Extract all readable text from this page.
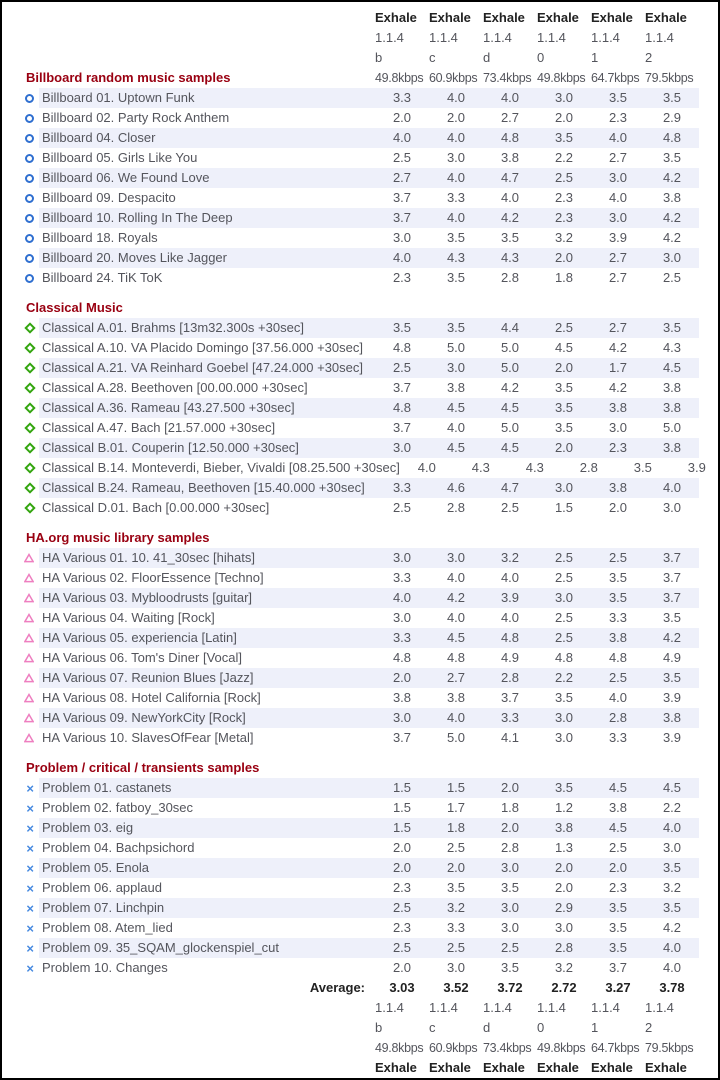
Exhale Exhale Exhale Exhale Exhale Exhale
1.1.4	1.1.4	1.1.4	1.1.4	1.1.4	1.1.4
b	c	d	0	1	2
Billboard random music samples	49.8kbps 60.9kbps 73.4kbps 49.8kbps 64.7kbps 79.5kbps
Billboard 01. Uptown Funk	3.3	4.0	4.0	3.0	3.5	3.5
Billboard 02. Party Rock Anthem	2.0	2.0	2.7	2.0	2.3	2.9
Billboard 04. Closer	4.0	4.0	4.8	3.5	4.0	4.8
Billboard 05. Girls Like You	2.5	3.0	3.8	2.2	2.7	3.5
Billboard 06. We Found Love	2.7	4.0	4.7	2.5	3.0	4.2
Billboard 09. Despacito	3.7	3.3	4.0	2.3	4.0	3.8
Billboard 10. Rolling In The Deep	3.7	4.0	4.2	2.3	3.0	4.2
Billboard 18. Royals	3.0	3.5	3.5	3.2	3.9	4.2
Billboard 20. Moves Like Jagger	4.0	4.3	4.3	2.0	2.7	3.0
Billboard 24. TiK ToK	2.3	3.5	2.8	1.8	2.7	2.5
Classical Music
Classical A.01. Brahms [13m32.300s +30sec]	3.5	3.5	4.4	2.5	2.7	3.5
Classical A.10. VA Placido Domingo [37.56.000 +30sec]	4.8	5.0	5.0	4.5	4.2	4.3
Classical A.21. VA Reinhard Goebel [47.24.000 +30sec]	2.5	3.0	5.0	2.0	1.7	4.5
Classical A.28. Beethoven [00.00.000 +30sec]	3.7	3.8	4.2	3.5	4.2	3.8
Classical A.36. Rameau [43.27.500 +30sec]	4.8	4.5	4.5	3.5	3.8	3.8
Classical A.47. Bach [21.57.000 +30sec]	3.7	4.0	5.0	3.5	3.0	5.0
Classical B.01. Couperin [12.50.000 +30sec]	3.0	4.5	4.5	2.0	2.3	3.8
Classical B.14. Monteverdi, Bieber, Vivaldi [08.25.500 +30sec]	4.0	4.3	4.3	2.8	3.5	3.9
Classical B.24. Rameau, Beethoven [15.40.000 +30sec]	3.3	4.6	4.7	3.0	3.8	4.0
Classical D.01. Bach [0.00.000 +30sec]	2.5	2.8	2.5	1.5	2.0	3.0
HA.org music library samples
HA Various 01. 10. 41_30sec [hihats]	3.0	3.0	3.2	2.5	2.5	3.7
HA Various 02. FloorEssence [Techno]	3.3	4.0	4.0	2.5	3.5	3.7
HA Various 03. Mybloodrusts [guitar]	4.0	4.2	3.9	3.0	3.5	3.7
HA Various 04. Waiting [Rock]	3.0	4.0	4.0	2.5	3.3	3.5
HA Various 05. experiencia [Latin]	3.3	4.5	4.8	2.5	3.8	4.2
HA Various 06. Tom's Diner [Vocal]	4.8	4.8	4.9	4.8	4.8	4.9
HA Various 07. Reunion Blues [Jazz]	2.0	2.7	2.8	2.2	2.5	3.5
HA Various 08. Hotel California [Rock]	3.8	3.8	3.7	3.5	4.0	3.9
HA Various 09. NewYorkCity [Rock]	3.0	4.0	3.3	3.0	2.8	3.8
HA Various 10. SlavesOfFear [Metal]	3.7	5.0	4.1	3.0	3.3	3.9
Problem / critical / transients samples
× Problem 01. castanets	1.5	1.5	2.0	3.5	4.5	4.5
× Problem 02. fatboy_30sec	1.5	1.7	1.8	1.2	3.8	2.2
× Problem 03. eig	1.5	1.8	2.0	3.8	4.5	4.0
× Problem 04. Bachpsichord	2.0	2.5	2.8	1.3	2.5	3.0
× Problem 05. Enola	2.0	2.0	3.0	2.0	2.0	3.5
× Problem 06. applaud	2.3	3.5	3.5	2.0	2.3	3.2
× Problem 07. Linchpin	2.5	3.2	3.0	2.9	3.5	3.5
× Problem 08. Atem_lied	2.3	3.3	3.0	3.0	3.5	4.2
× Problem 09. 35_SQAM_glockenspiel_cut	2.5	2.5	2.5	2.8	3.5	4.0
× Problem 10. Changes	2.0	3.0	3.5	3.2	3.7	4.0
Average:	3.03	3.52	3.72	2.72	3.27	3.78
1.1.4	1.1.4	1.1.4	1.1.4	1.1.4	1.1.4
b	c	d	0	1	2
49.8kbps 60.9kbps 73.4kbps 49.8kbps 64.7kbps 79.5kbps
Exhale Exhale Exhale Exhale Exhale Exhale
